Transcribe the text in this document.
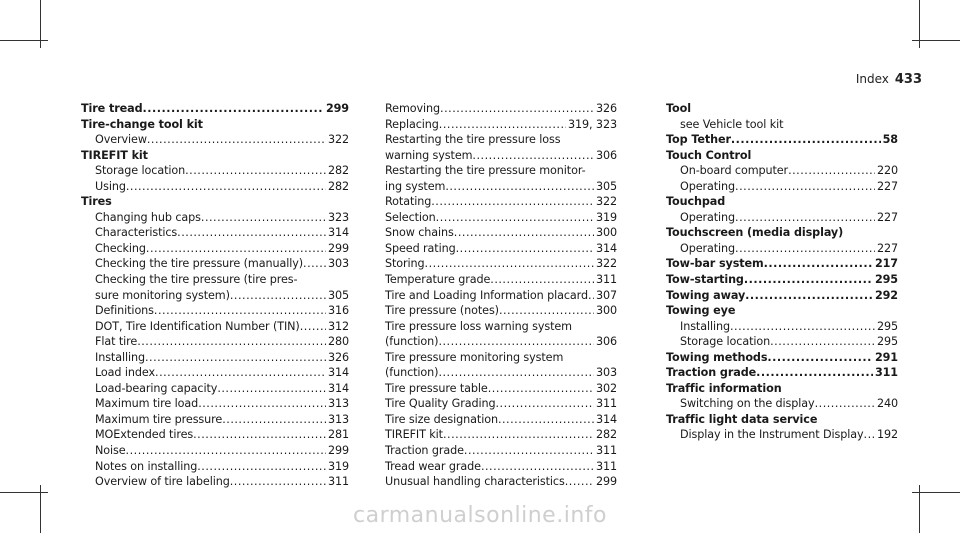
Index 433
Tire tread .....	299
Tire-change tool kit
Overview .....	322
TIREFIT kit
Storage location .....	282
Using .....	282
Tires
Changing hub caps .....	323
Characteristics .....	314
Checking .....	299
Checking the tire pressure (manually) ..... 303
Checking the tire pressure (tire pres-
sure monitoring system) .....	305
Definitions .....	316
DOT, Tire Identification Number (TIN) .....	312
Flat tire .....	280
Installing .....	326
Load index .....	314
Load-bearing capacity .....	314
Maximum tire load .....	313
Maximum tire pressure .....	313
MOExtended tires .....	281
Noise .....	299
Notes on installing .....	319
Overview of tire labeling .....	311
Removing .....	326
Replacing .....	319, 323
Restarting the tire pressure loss
warning system .....	306
Restarting the tire pressure monitor-
ing system .....	305
Rotating .....	322
Selection .....	319
Snow chains .....	300
Speed rating .....	314
Storing .....	322
Temperature grade .....	311
Tire and Loading Information placard ..... 307
Tire pressure (notes) .....	300
Tire pressure loss warning system
(function) .....	306
Tire pressure monitoring system
(function) .....	303
Tire pressure table .....	302
Tire Quality Grading .....	311
Tire size designation .....	314
TIREFIT kit .....	282
Traction grade .....	311
Tread wear grade .....	311
Unusual handling characteristics .....	299
Tool
see Vehicle tool kit
Top Tether .....	58
Touch Control
On-board computer .....	220
Operating .....	227
Touchpad
Operating .....	227
Touchscreen (media display)
Operating .....	227
Tow-bar system .....	217
Tow-starting .....	295
Towing away .....	292
Towing eye
Installing .....	295
Storage location .....	295
Towing methods .....	291
Traction grade .....	311
Traffic information
Switching on the display .....	240
Traffic light data service
Display in the Instrument Display ..... 192
carmanualsonline.info
